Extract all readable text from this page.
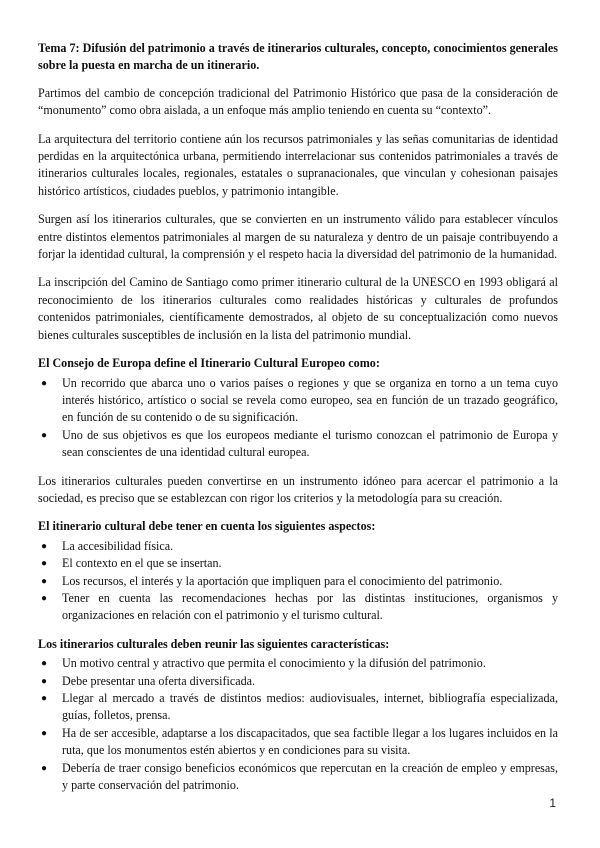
Tema 7: Difusión del patrimonio a través de itinerarios culturales, concepto, conocimientos generales sobre la puesta en marcha de un itinerario.

Partimos del cambio de concepción tradicional del Patrimonio Histórico que pasa de la consideración de “monumento” como obra aislada, a un enfoque más amplio teniendo en cuenta su “contexto”.

La arquitectura del territorio contiene aún los recursos patrimoniales y las señas comunitarias de identidad perdidas en la arquitectónica urbana, permitiendo interrelacionar sus contenidos patrimoniales a través de itinerarios culturales locales, regionales, estatales o supranacionales, que vinculan y cohesionan paisajes histórico artísticos, ciudades pueblos, y patrimonio intangible.

Surgen así los itinerarios culturales, que se convierten en un instrumento válido para establecer vínculos entre distintos elementos patrimoniales al margen de su naturaleza y dentro de un paisaje contribuyendo a forjar la identidad cultural, la comprensión y el respeto hacia la diversidad del patrimonio de la humanidad.

La inscripción del Camino de Santiago como primer itinerario cultural de la UNESCO en 1993 obligará al reconocimiento de los itinerarios culturales como realidades históricas y culturales de profundos contenidos patrimoniales, científicamente demostrados, al objeto de su conceptualización como nuevos bienes culturales susceptibles de inclusión en la lista del patrimonio mundial.

El Consejo de Europa define el Itinerario Cultural Europeo como:
● Un recorrido que abarca uno o varios países o regiones y que se organiza en torno a un tema cuyo interés histórico, artístico o social se revela como europeo, sea en función de un trazado geográfico, en función de su contenido o de su significación.
● Uno de sus objetivos es que los europeos mediante el turismo conozcan el patrimonio de Europa y sean conscientes de una identidad cultural europea.

Los itinerarios culturales pueden convertirse en un instrumento idóneo para acercar el patrimonio a la sociedad, es preciso que se establezcan con rigor los criterios y la metodología para su creación.

El itinerario cultural debe tener en cuenta los siguientes aspectos:
● La accesibilidad física.
● El contexto en el que se insertan.
● Los recursos, el interés y la aportación que impliquen para el conocimiento del patrimonio.
● Tener en cuenta las recomendaciones hechas por las distintas instituciones, organismos y organizaciones en relación con el patrimonio y el turismo cultural.
Los itinerarios culturales deben reunir las siguientes características:
● Un motivo central y atractivo que permita el conocimiento y la difusión del patrimonio.
● Debe presentar una oferta diversificada.
● Llegar al mercado a través de distintos medios: audiovisuales, internet, bibliografía especializada, guías, folletos, prensa.
● Ha de ser accesible, adaptarse a los discapacitados, que sea factible llegar a los lugares incluidos en la ruta, que los monumentos estén abiertos y en condiciones para su visita.
● Debería de traer consigo beneficios económicos que repercutan en la creación de empleo y empresas, y parte conservación del patrimonio.
1
